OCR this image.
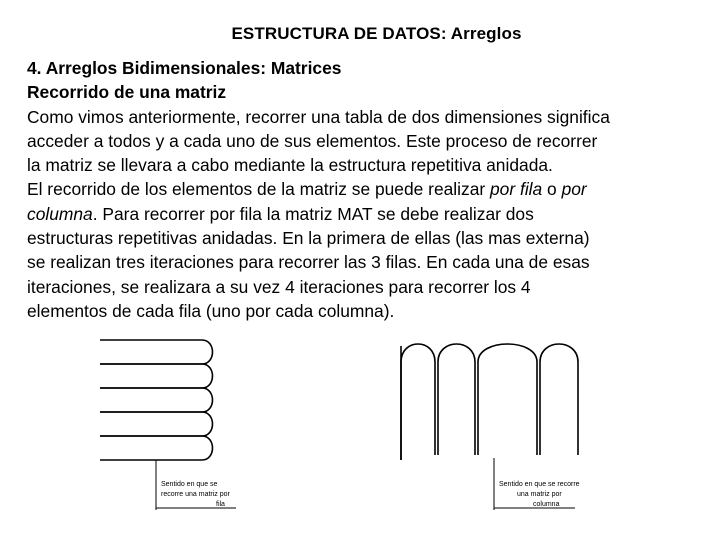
ESTRUCTURA DE DATOS: Arreglos
4. Arreglos Bidimensionales: Matrices
Recorrido de una matriz
Como vimos anteriormente, recorrer una tabla de dos dimensiones significa
acceder a todos y a cada uno de sus elementos. Este proceso de recorrer
la matriz se llevara a cabo mediante la estructura repetitiva anidada.
El recorrido de los elementos de la matriz se puede realizar por fila o por
columna. Para recorrer por fila la matriz MAT se debe realizar dos
estructuras repetitivas anidadas. En la primera de ellas (las mas externa)
se realizan tres iteraciones para recorrer las 3 filas. En cada una de esas
iteraciones, se realizara a su vez 4 iteraciones para recorrer los 4
elementos de cada fila (uno por cada columna).
Sentido en que se
recorre una matriz por
fila
Sentido en que se recorre
una matriz por
columna
